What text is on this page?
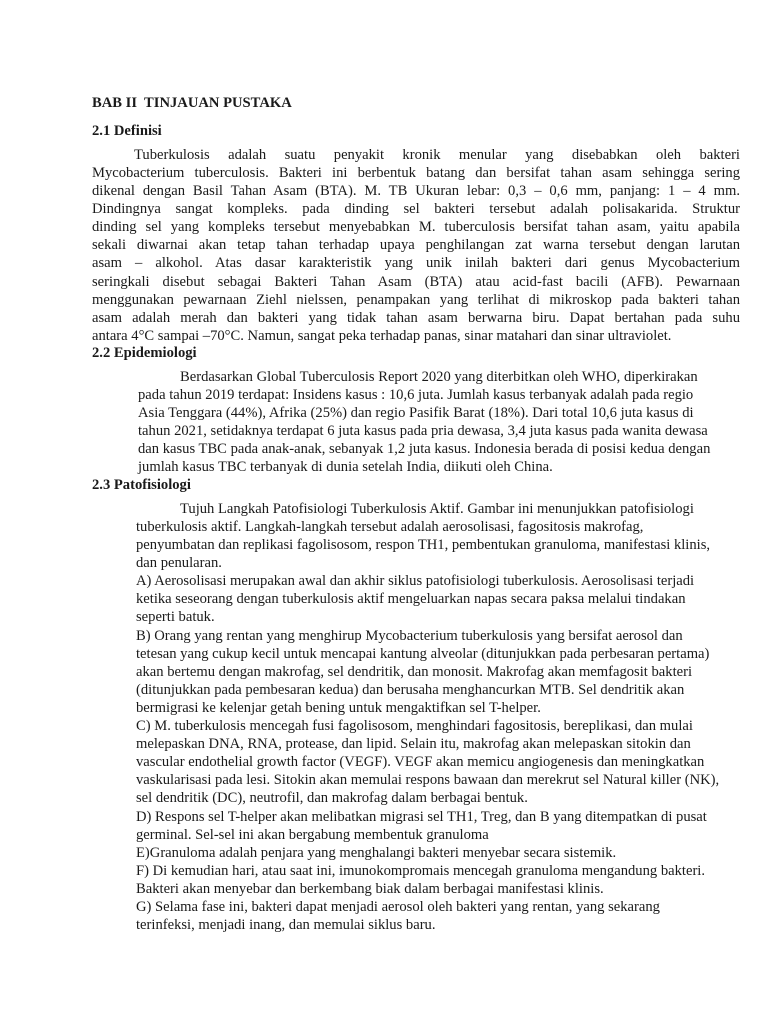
BAB II  TINJAUAN PUSTAKA
2.1 Definisi
Tuberkulosis adalah suatu penyakit kronik menular yang disebabkan oleh bakteri
Mycobacterium tuberculosis. Bakteri ini berbentuk batang dan bersifat tahan asam sehingga sering
dikenal dengan Basil Tahan Asam (BTA). M. TB Ukuran lebar: 0,3 – 0,6 mm, panjang: 1 – 4 mm.
Dindingnya sangat kompleks. pada dinding sel bakteri tersebut adalah polisakarida. Struktur
dinding sel yang kompleks tersebut menyebabkan M. tuberculosis bersifat tahan asam, yaitu apabila
sekali diwarnai akan tetap tahan terhadap upaya penghilangan zat warna tersebut dengan larutan
asam – alkohol. Atas dasar karakteristik yang unik inilah bakteri dari genus Mycobacterium
seringkali disebut sebagai Bakteri Tahan Asam (BTA) atau acid-fast bacili (AFB). Pewarnaan
menggunakan pewarnaan Ziehl nielssen, penampakan yang terlihat di mikroskop pada bakteri tahan
asam adalah merah dan bakteri yang tidak tahan asam berwarna biru. Dapat bertahan pada suhu
antara 4°C sampai –70°C. Namun, sangat peka terhadap panas, sinar matahari dan sinar ultraviolet.
2.2 Epidemiologi
Berdasarkan Global Tuberculosis Report 2020 yang diterbitkan oleh WHO, diperkirakan
pada tahun 2019 terdapat: Insidens kasus : 10,6 juta. Jumlah kasus terbanyak adalah pada regio
Asia Tenggara (44%), Afrika (25%) dan regio Pasifik Barat (18%). Dari total 10,6 juta kasus di
tahun 2021, setidaknya terdapat 6 juta kasus pada pria dewasa, 3,4 juta kasus pada wanita dewasa
dan kasus TBC pada anak-anak, sebanyak 1,2 juta kasus. Indonesia berada di posisi kedua dengan
jumlah kasus TBC terbanyak di dunia setelah India, diikuti oleh China.
2.3 Patofisiologi
Tujuh Langkah Patofisiologi Tuberkulosis Aktif. Gambar ini menunjukkan patofisiologi
tuberkulosis aktif. Langkah-langkah tersebut adalah aerosolisasi, fagositosis makrofag,
penyumbatan dan replikasi fagolisosom, respon TH1, pembentukan granuloma, manifestasi klinis,
dan penularan.
A) Aerosolisasi merupakan awal dan akhir siklus patofisiologi tuberkulosis. Aerosolisasi terjadi
ketika seseorang dengan tuberkulosis aktif mengeluarkan napas secara paksa melalui tindakan
seperti batuk.
B) Orang yang rentan yang menghirup Mycobacterium tuberkulosis yang bersifat aerosol dan
tetesan yang cukup kecil untuk mencapai kantung alveolar (ditunjukkan pada perbesaran pertama)
akan bertemu dengan makrofag, sel dendritik, dan monosit. Makrofag akan memfagosit bakteri
(ditunjukkan pada pembesaran kedua) dan berusaha menghancurkan MTB. Sel dendritik akan
bermigrasi ke kelenjar getah bening untuk mengaktifkan sel T-helper.
C) M. tuberkulosis mencegah fusi fagolisosom, menghindari fagositosis, bereplikasi, dan mulai
melepaskan DNA, RNA, protease, dan lipid. Selain itu, makrofag akan melepaskan sitokin dan
vascular endothelial growth factor (VEGF). VEGF akan memicu angiogenesis dan meningkatkan
vaskularisasi pada lesi. Sitokin akan memulai respons bawaan dan merekrut sel Natural killer (NK),
sel dendritik (DC), neutrofil, dan makrofag dalam berbagai bentuk.
D) Respons sel T-helper akan melibatkan migrasi sel TH1, Treg, dan B yang ditempatkan di pusat
germinal. Sel-sel ini akan bergabung membentuk granuloma
E)Granuloma adalah penjara yang menghalangi bakteri menyebar secara sistemik.
F) Di kemudian hari, atau saat ini, imunokompromais mencegah granuloma mengandung bakteri.
Bakteri akan menyebar dan berkembang biak dalam berbagai manifestasi klinis.
G) Selama fase ini, bakteri dapat menjadi aerosol oleh bakteri yang rentan, yang sekarang
terinfeksi, menjadi inang, dan memulai siklus baru.
